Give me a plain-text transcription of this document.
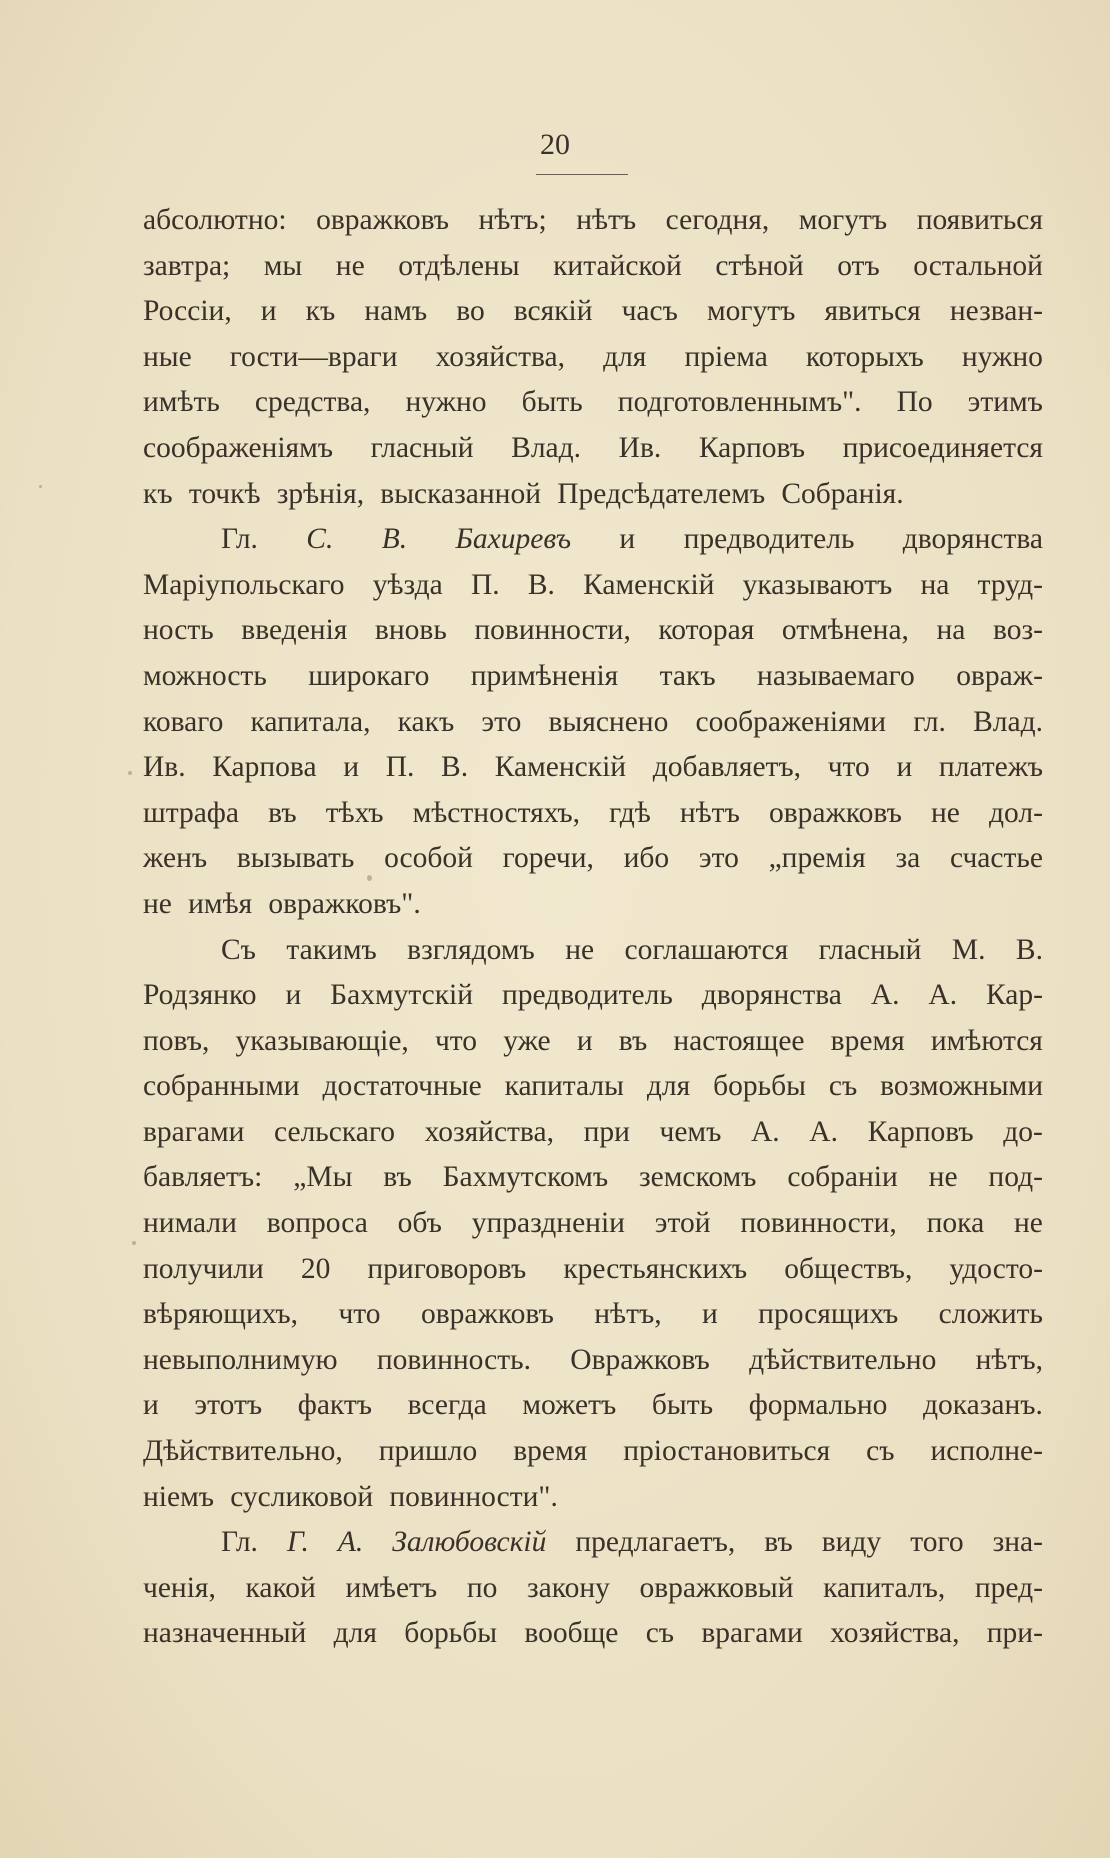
20
абсолютно: овражковъ нѣтъ; нѣтъ сегодня, могутъ появиться
завтра; мы не отдѣлены китайской стѣной отъ остальной
Россіи, и къ намъ во всякій часъ могутъ явиться незван-
ные гости—враги хозяйства, для пріема которыхъ нужно
имѣть средства, нужно быть подготовленнымъ". По этимъ
соображеніямъ гласный Влад. Ив. Карповъ присоединяется
къ точкѣ зрѣнія, высказанной Предсѣдателемъ Собранія.
Гл. С. В. Бахиревъ и предводитель дворянства
Маріупольскаго уѣзда П. В. Каменскій указываютъ на труд-
ность введенія вновь повинности, которая отмѣнена, на воз-
можность широкаго примѣненія такъ называемаго овраж-
коваго капитала, какъ это выяснено соображеніями гл. Влад.
Ив. Карпова и П. В. Каменскій добавляетъ, что и платежъ
штрафа въ тѣхъ мѣстностяхъ, гдѣ нѣтъ овражковъ не дол-
женъ вызывать особой горечи, ибо это „премія за счастье
не имѣя овражковъ".
Съ такимъ взглядомъ не соглашаются гласный М. В.
Родзянко и Бахмутскій предводитель дворянства А. А. Кар-
повъ, указывающіе, что уже и въ настоящее время имѣются
собранными достаточные капиталы для борьбы съ возможными
врагами сельскаго хозяйства, при чемъ А. А. Карповъ до-
бавляетъ: „Мы въ Бахмутскомъ земскомъ собраніи не под-
нимали вопроса объ упраздненіи этой повинности, пока не
получили 20 приговоровъ крестьянскихъ обществъ, удосто-
вѣряющихъ, что овражковъ нѣтъ, и просящихъ сложить
невыполнимую повинность. Овражковъ дѣйствительно нѣтъ,
и этотъ фактъ всегда можетъ быть формально доказанъ.
Дѣйствительно, пришло время пріостановиться съ исполне-
ніемъ сусликовой повинности".
Гл. Г. А. Залюбовскій предлагаетъ, въ виду того зна-
ченія, какой имѣетъ по закону овражковый капиталъ, пред-
назначенный для борьбы вообще съ врагами хозяйства, при-
